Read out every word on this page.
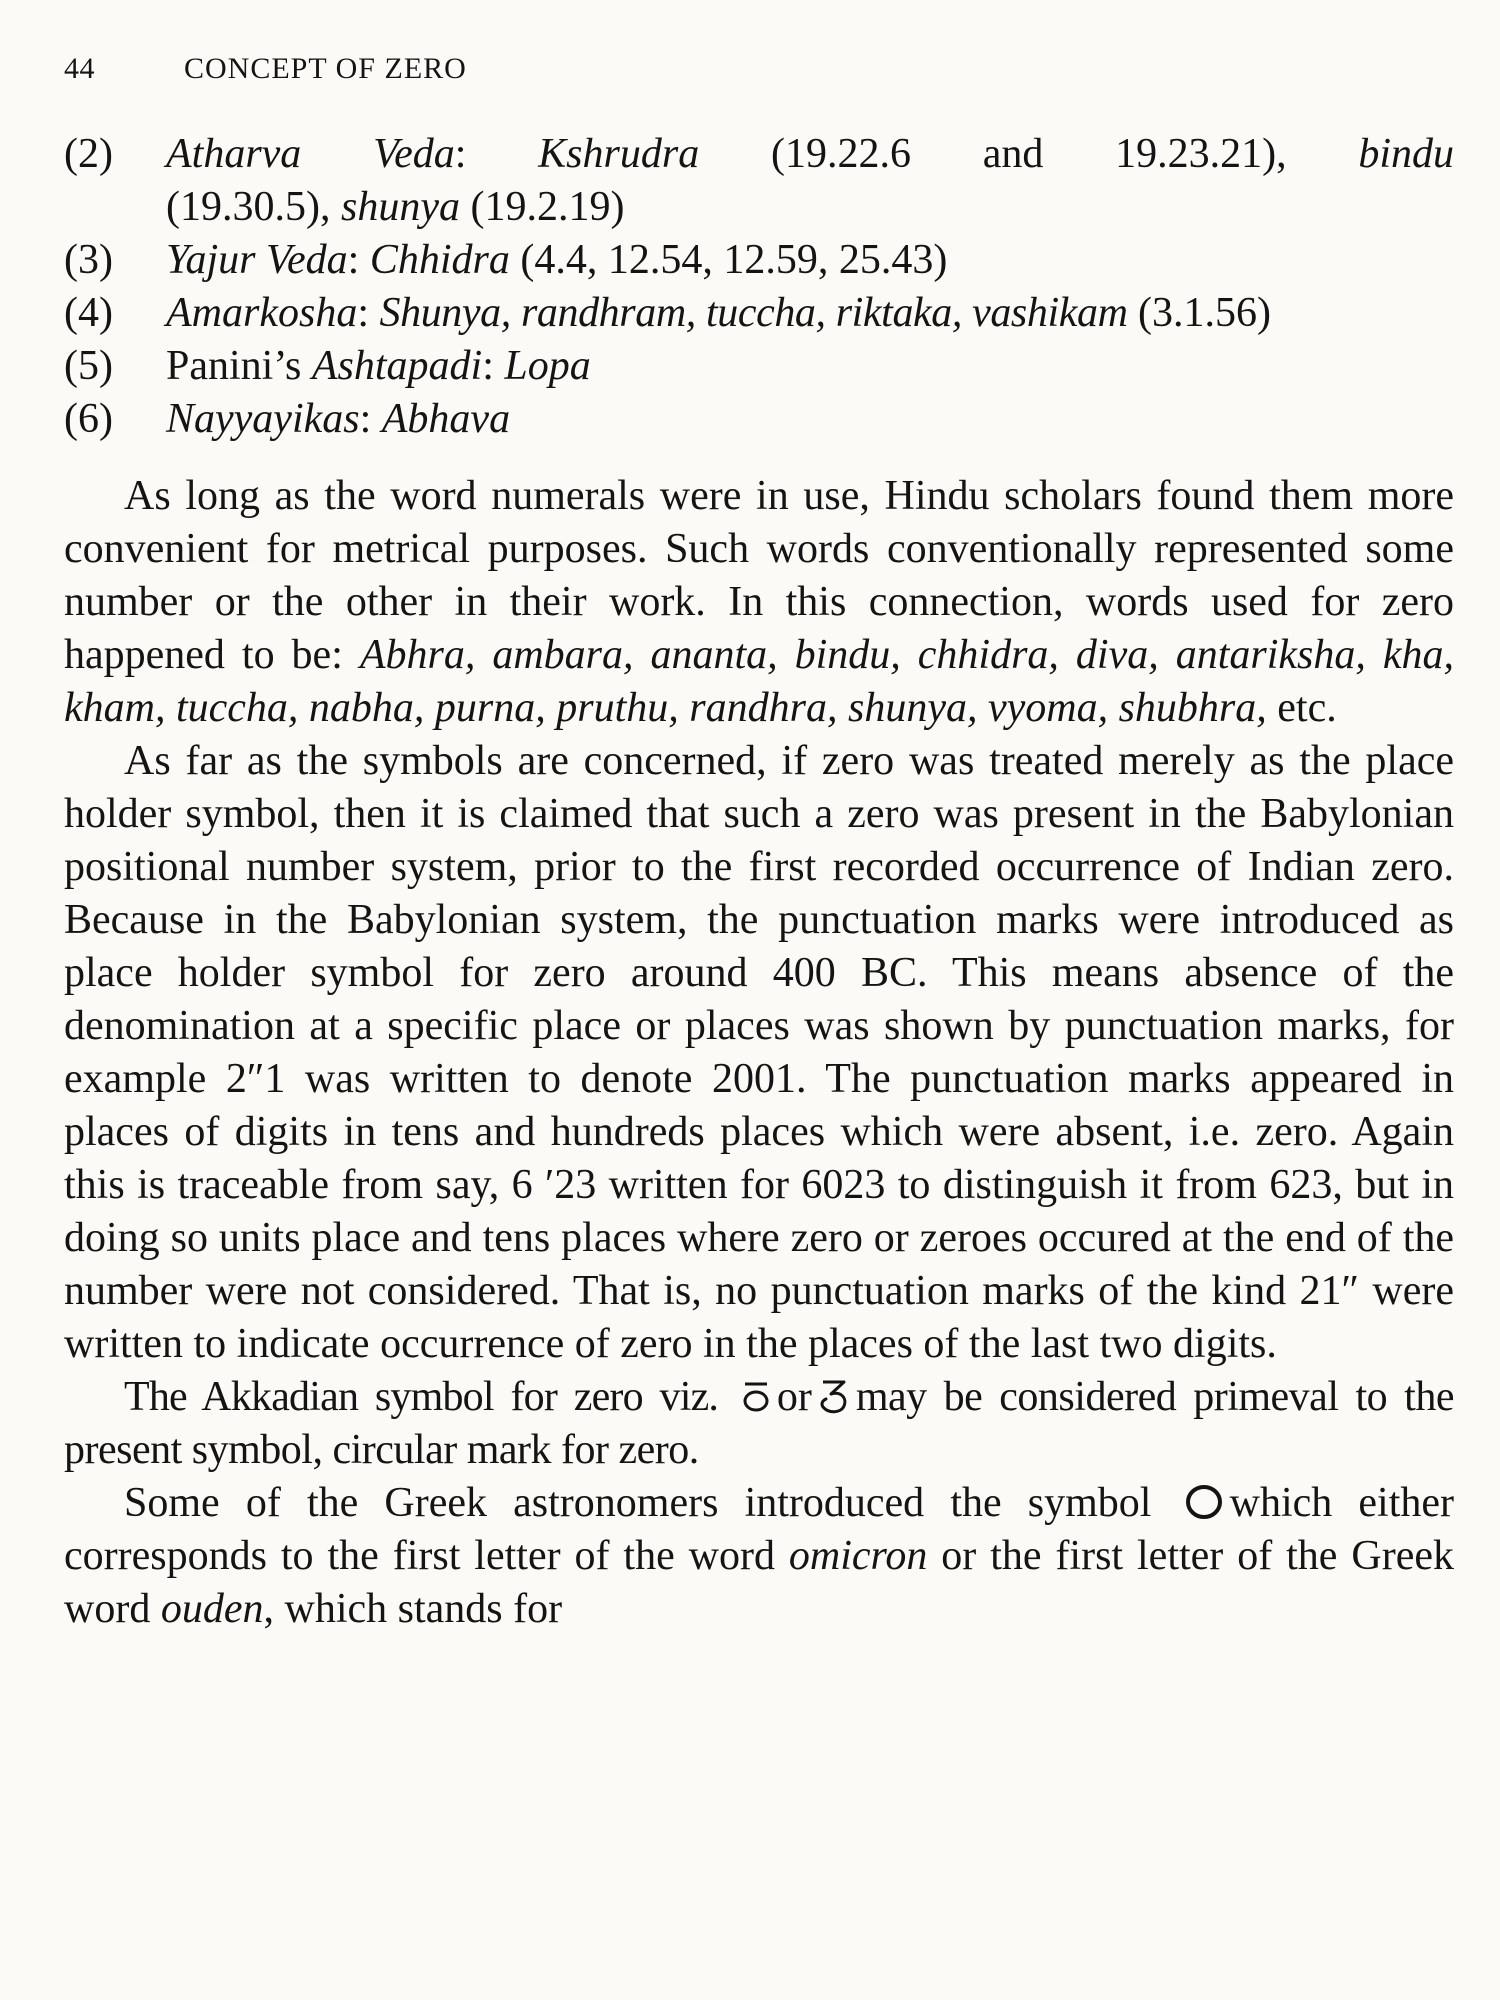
44	CONCEPT OF ZERO
(2)	Atharva Veda: Kshrudra (19.22.6 and 19.23.21), bindu
(19.30.5), shunya (19.2.19)
(3)	Yajur Veda: Chhidra (4.4, 12.54, 12.59, 25.43)
(4)	Amarkosha: Shunya, randhram, tuccha, riktaka, vashikam (3.1.56)
(5)	Panini’s Ashtapadi: Lopa
(6)	Nayyayikas: Abhava

As long as the word numerals were in use, Hindu scholars found them more convenient for metrical purposes. Such words conventionally represented some number or the other in their work. In this connection, words used for zero happened to be: Abhra, ambara, ananta, bindu, chhidra, diva, antariksha, kha, kham, tuccha, nabha, purna, pruthu, randhra, shunya, vyoma, shubhra, etc.

As far as the symbols are concerned, if zero was treated merely as the place holder symbol, then it is claimed that such a zero was present in the Babylonian positional number system, prior to the first recorded occurrence of Indian zero. Because in the Babylonian system, the punctuation marks were introduced as place holder symbol for zero around 400 BC. This means absence of the denomination at a specific place or places was shown by punctuation marks, for example 2″1 was written to denote 2001. The punctuation marks appeared in places of digits in tens and hundreds places which were absent, i.e. zero. Again this is traceable from say, 6 ′23 written for 6023 to distinguish it from 623, but in doing so units place and tens places where zero or zeroes occured at the end of the number were not considered. That is, no punctuation marks of the kind 21″ were written to indicate occurrence of zero in the places of the last two digits.

The Akkadian symbol for zero viz.
or may be considered primeval to the present symbol, circular mark for zero.

Some of the Greek astronomers introduced the symbol
which either corresponds to the first letter of the word omicron or the first letter of the Greek word ouden, which stands for
